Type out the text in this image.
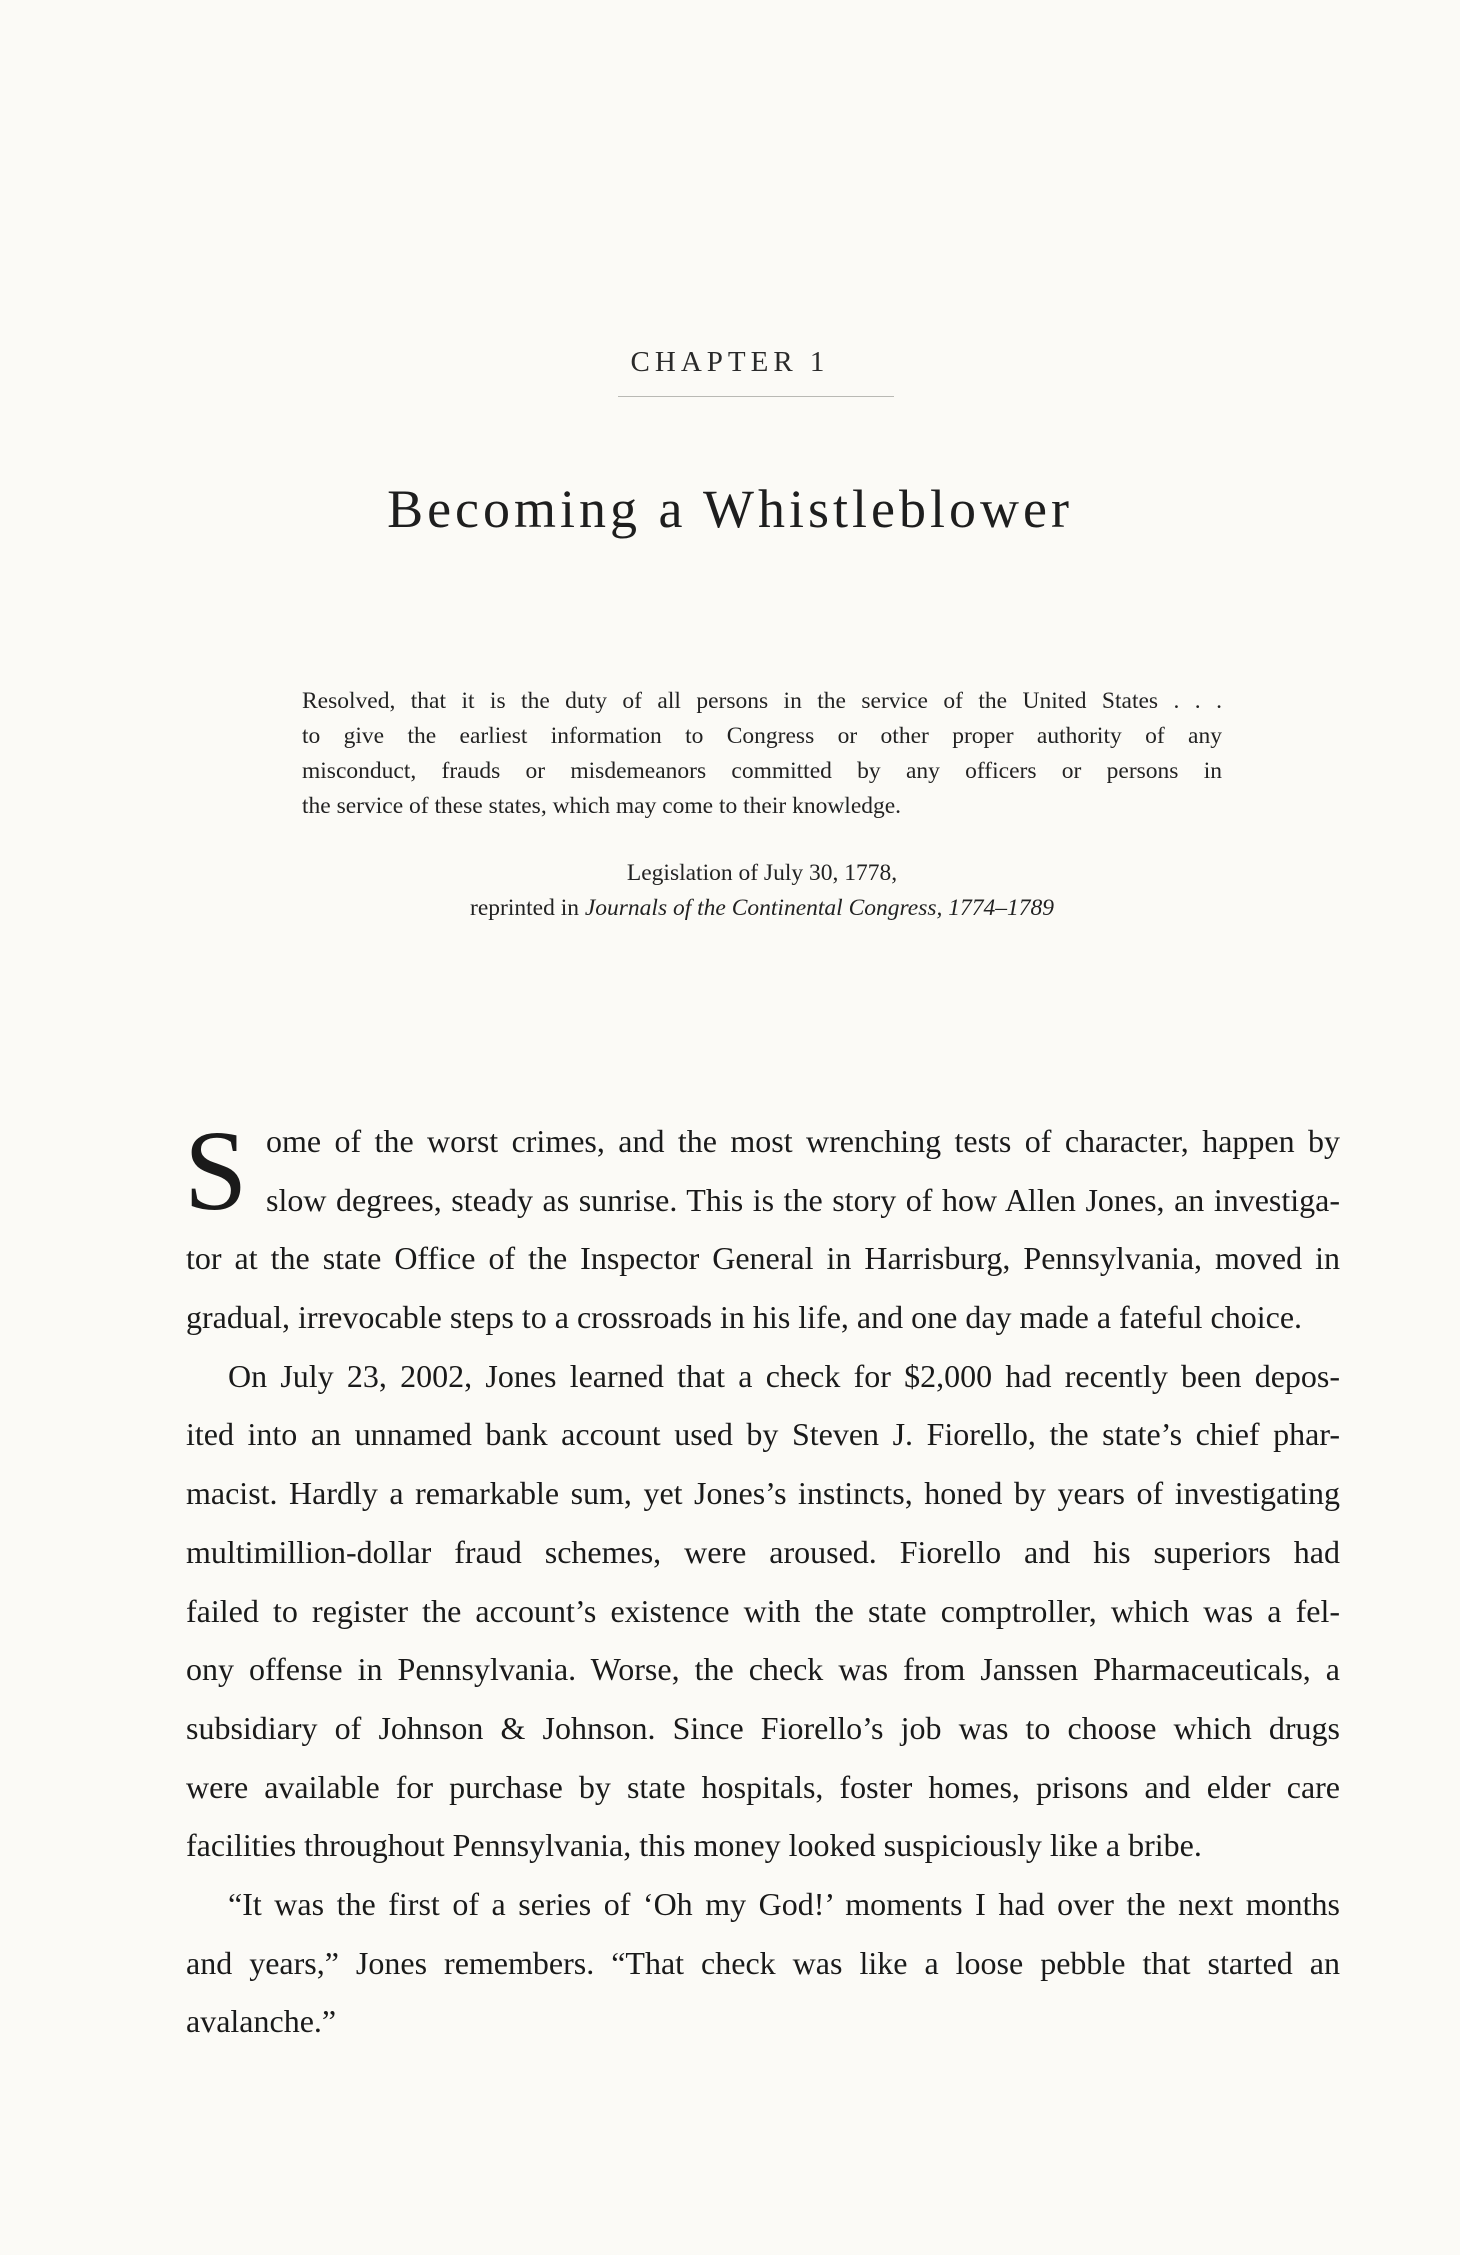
CHAPTER 1
Becoming a Whistleblower
Resolved, that it is the duty of all persons in the service of the United States . . .
to give the earliest information to Congress or other proper authority of any
misconduct, frauds or misdemeanors committed by any officers or persons in
the service of these states, which may come to their knowledge.
Legislation of July 30, 1778,
reprinted in Journals of the Continental Congress, 1774–1789
S ome of the worst crimes, and the most wrenching tests of character, happen by
slow degrees, steady as sunrise. This is the story of how Allen Jones, an investiga-
tor at the state Office of the Inspector General in Harrisburg, Pennsylvania, moved in
gradual, irrevocable steps to a crossroads in his life, and one day made a fateful choice.
On July 23, 2002, Jones learned that a check for $2,000 had recently been depos-
ited into an unnamed bank account used by Steven J. Fiorello, the state’s chief phar-
macist. Hardly a remarkable sum, yet Jones’s instincts, honed by years of investigating
multimillion-dollar fraud schemes, were aroused. Fiorello and his superiors had
failed to register the account’s existence with the state comptroller, which was a fel-
ony offense in Pennsylvania. Worse, the check was from Janssen Pharmaceuticals, a
subsidiary of Johnson & Johnson. Since Fiorello’s job was to choose which drugs
were available for purchase by state hospitals, foster homes, prisons and elder care
facilities throughout Pennsylvania, this money looked suspiciously like a bribe.
“It was the first of a series of ‘Oh my God!’ moments I had over the next months
and years,” Jones remembers. “That check was like a loose pebble that started an
avalanche.”
